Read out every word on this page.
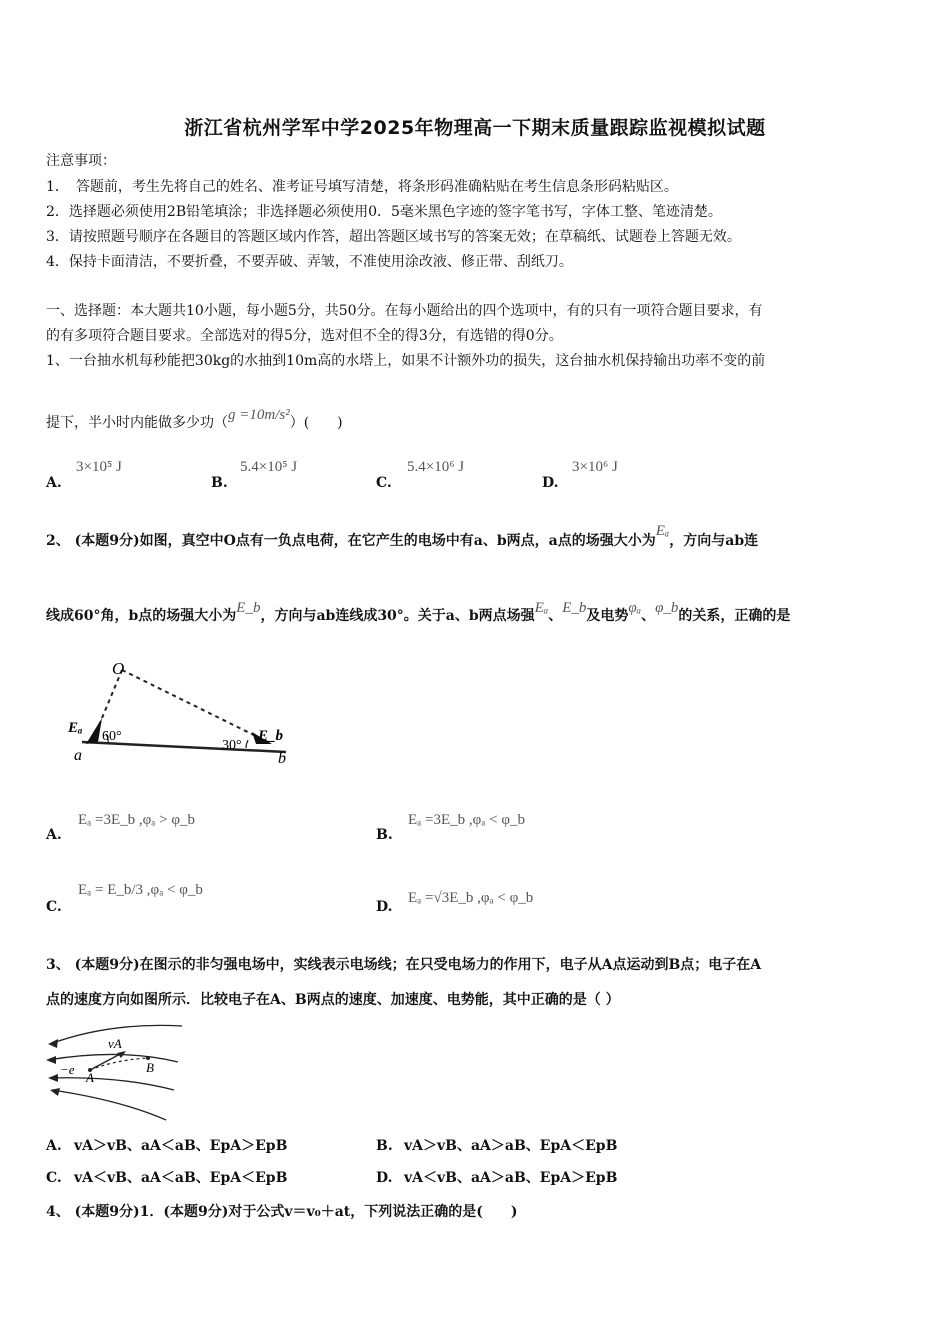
浙江省杭州学军中学2025年物理高一下期末质量跟踪监视模拟试题
注意事项：
1．　答题前，考生先将自己的姓名、准考证号填写清楚，将条形码准确粘贴在考生信息条形码粘贴区。
2．选择题必须使用2B铅笔填涂；非选择题必须使用0．5毫米黑色字迹的签字笔书写，字体工整、笔迹清楚。
3．请按照题号顺序在各题目的答题区域内作答，超出答题区域书写的答案无效；在草稿纸、试题卷上答题无效。
4．保持卡面清洁，不要折叠，不要弄破、弄皱，不准使用涂改液、修正带、刮纸刀。
一、选择题：本大题共10小题，每小题5分，共50分。在每小题给出的四个选项中，有的只有一项符合题目要求，有
的有多项符合题目要求。全部选对的得5分，选对但不全的得3分，有选错的得0分。
1、一台抽水机每秒能把30kg的水抽到10m高的水塔上，如果不计额外功的损失，这台抽水机保持输出功率不变的前
提下，半小时内能做多少功（g =10m/s²）(　　)
A.
3×10⁵ J
B.
5.4×10⁵ J
C.
5.4×10⁶ J
D.
3×10⁶ J
2、 (本题9分)如图，真空中O点有一负点电荷，在它产生的电场中有a、b两点，a点的场强大小为Eₐ，方向与ab连
线成60°角，b点的场强大小为E_b，方向与ab连线成30°。关于a、b两点场强Eₐ、E_b及电势φₐ、φ_b的关系，正确的是
O
Eₐ	E_b
60°
30°
a	b
A.
Eₐ =3E_b ,φₐ > φ_b
B.
Eₐ =3E_b ,φₐ < φ_b
C.
Eₐ = E_b/3 ,φₐ < φ_b
D.
Eₐ =√3E_b ,φₐ < φ_b
3、 (本题9分)在图示的非匀强电场中，实线表示电场线；在只受电场力的作用下，电子从A点运动到B点；电子在A
点的速度方向如图所示．比较电子在A、B两点的速度、加速度、电势能，其中正确的是（ ）
vA
−e
A
B
A. vA＞vB、aA＜aB、EpA＞EpB	B. vA＞vB、aA＞aB、EpA＜EpB
C. vA＜vB、aA＜aB、EpA＜EpB	D. vA＜vB、aA＞aB、EpA＞EpB
4、 (本题9分)1．(本题9分)对于公式v＝v₀＋at，下列说法正确的是(　　)
